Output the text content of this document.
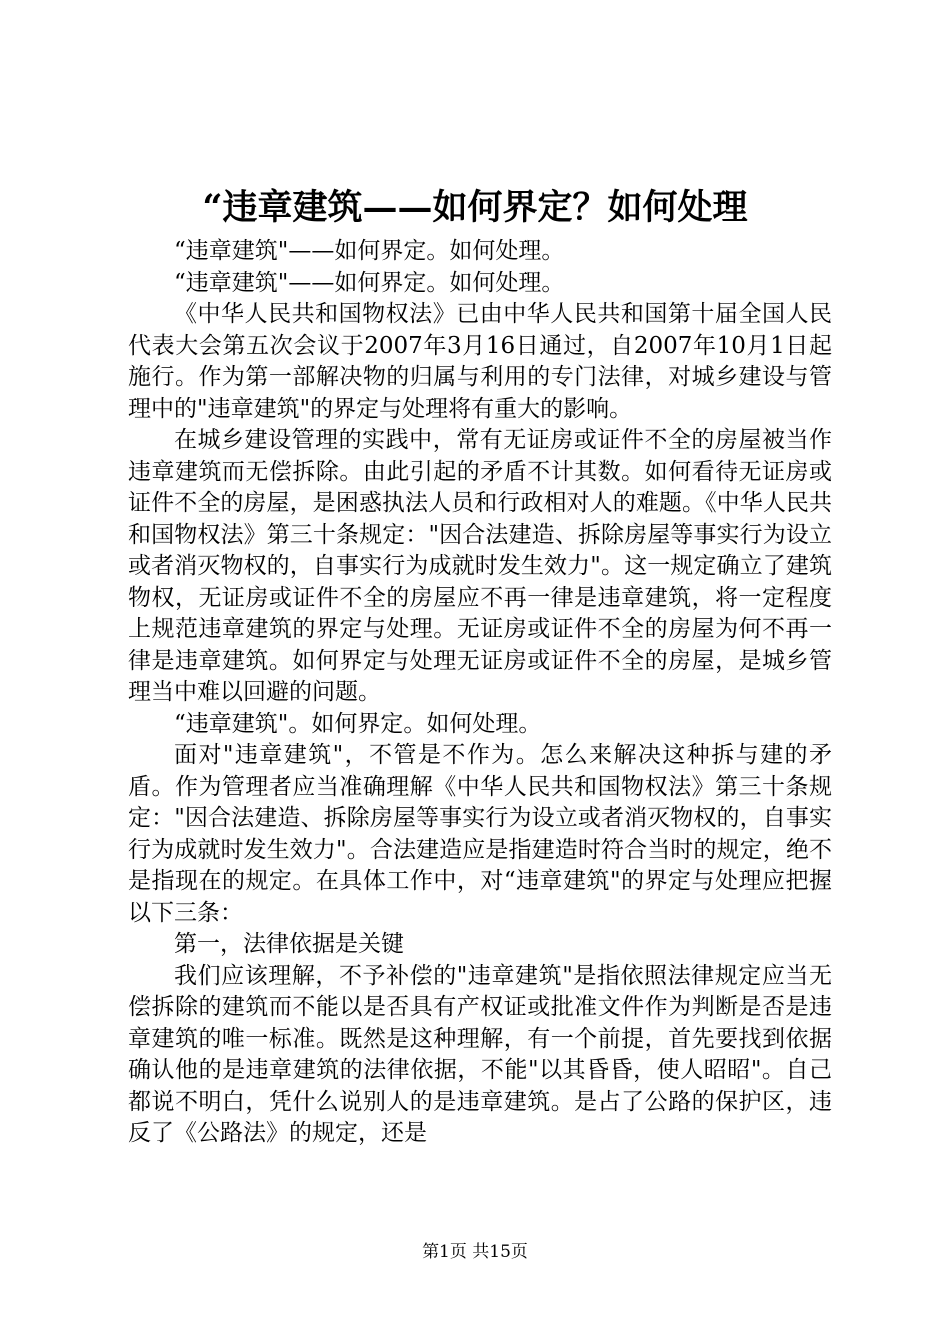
“违章建筑——如何界定？如何处理

“违章建筑"——如何界定。如何处理。

“违章建筑"——如何界定。如何处理。

《中华人民共和国物权法》已由中华人民共和国第十届全国人民代表大会第五次会议于2007年3月16日通过，自2007年10月1日起施行。作为第一部解决物的归属与利用的专门法律，对城乡建设与管理中的"违章建筑"的界定与处理将有重大的影响。

在城乡建设管理的实践中，常有无证房或证件不全的房屋被当作违章建筑而无偿拆除。由此引起的矛盾不计其数。如何看待无证房或证件不全的房屋，是困惑执法人员和行政相对人的难题。《中华人民共和国物权法》第三十条规定："因合法建造、拆除房屋等事实行为设立或者消灭物权的，自事实行为成就时发生效力"。这一规定确立了建筑物权，无证房或证件不全的房屋应不再一律是违章建筑，将一定程度上规范违章建筑的界定与处理。无证房或证件不全的房屋为何不再一律是违章建筑。如何界定与处理无证房或证件不全的房屋，是城乡管理当中难以回避的问题。

“违章建筑"。如何界定。如何处理。

面对"违章建筑"，不管是不作为。怎么来解决这种拆与建的矛盾。作为管理者应当准确理解《中华人民共和国物权法》第三十条规定："因合法建造、拆除房屋等事实行为设立或者消灭物权的，自事实行为成就时发生效力"。合法建造应是指建造时符合当时的规定，绝不是指现在的规定。在具体工作中，对“违章建筑"的界定与处理应把握以下三条：

第一，法律依据是关键

我们应该理解，不予补偿的"违章建筑"是指依照法律规定应当无偿拆除的建筑而不能以是否具有产权证或批准文件作为判断是否是违章建筑的唯一标准。既然是这种理解，有一个前提，首先要找到依据确认他的是违章建筑的法律依据，不能"以其昏昏，使人昭昭"。自己都说不明白，凭什么说别人的是违章建筑。是占了公路的保护区，违反了《公路法》的规定，还是

第1页 共15页
